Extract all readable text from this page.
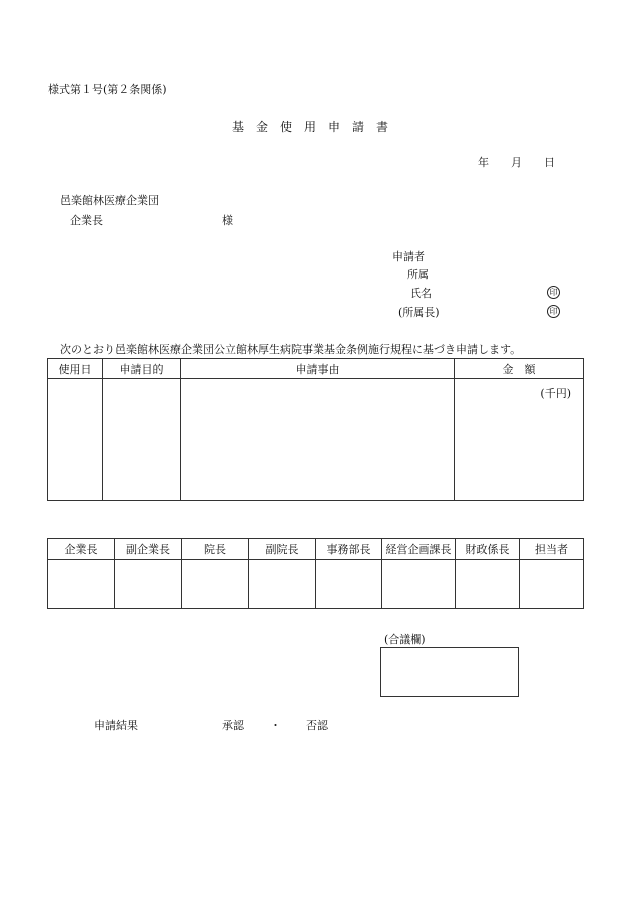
様式第１号(第２条関係)
基　金　使　用　申　請　書
年　　月　　日
邑楽館林医療企業団
企業長	様
申請者
所属
氏名
(所属長)
印
印
次のとおり邑楽館林医療企業団公立館林厚生病院事業基金条例施行規程に基づき申請します。
使用日	申請目的	申請事由	金　額

			(千円)
企業長	副企業長	院長	副院長	事務部長	経営企画課長	財政係長	担当者

(合議欄)
申請結果	承認 ・ 否認
